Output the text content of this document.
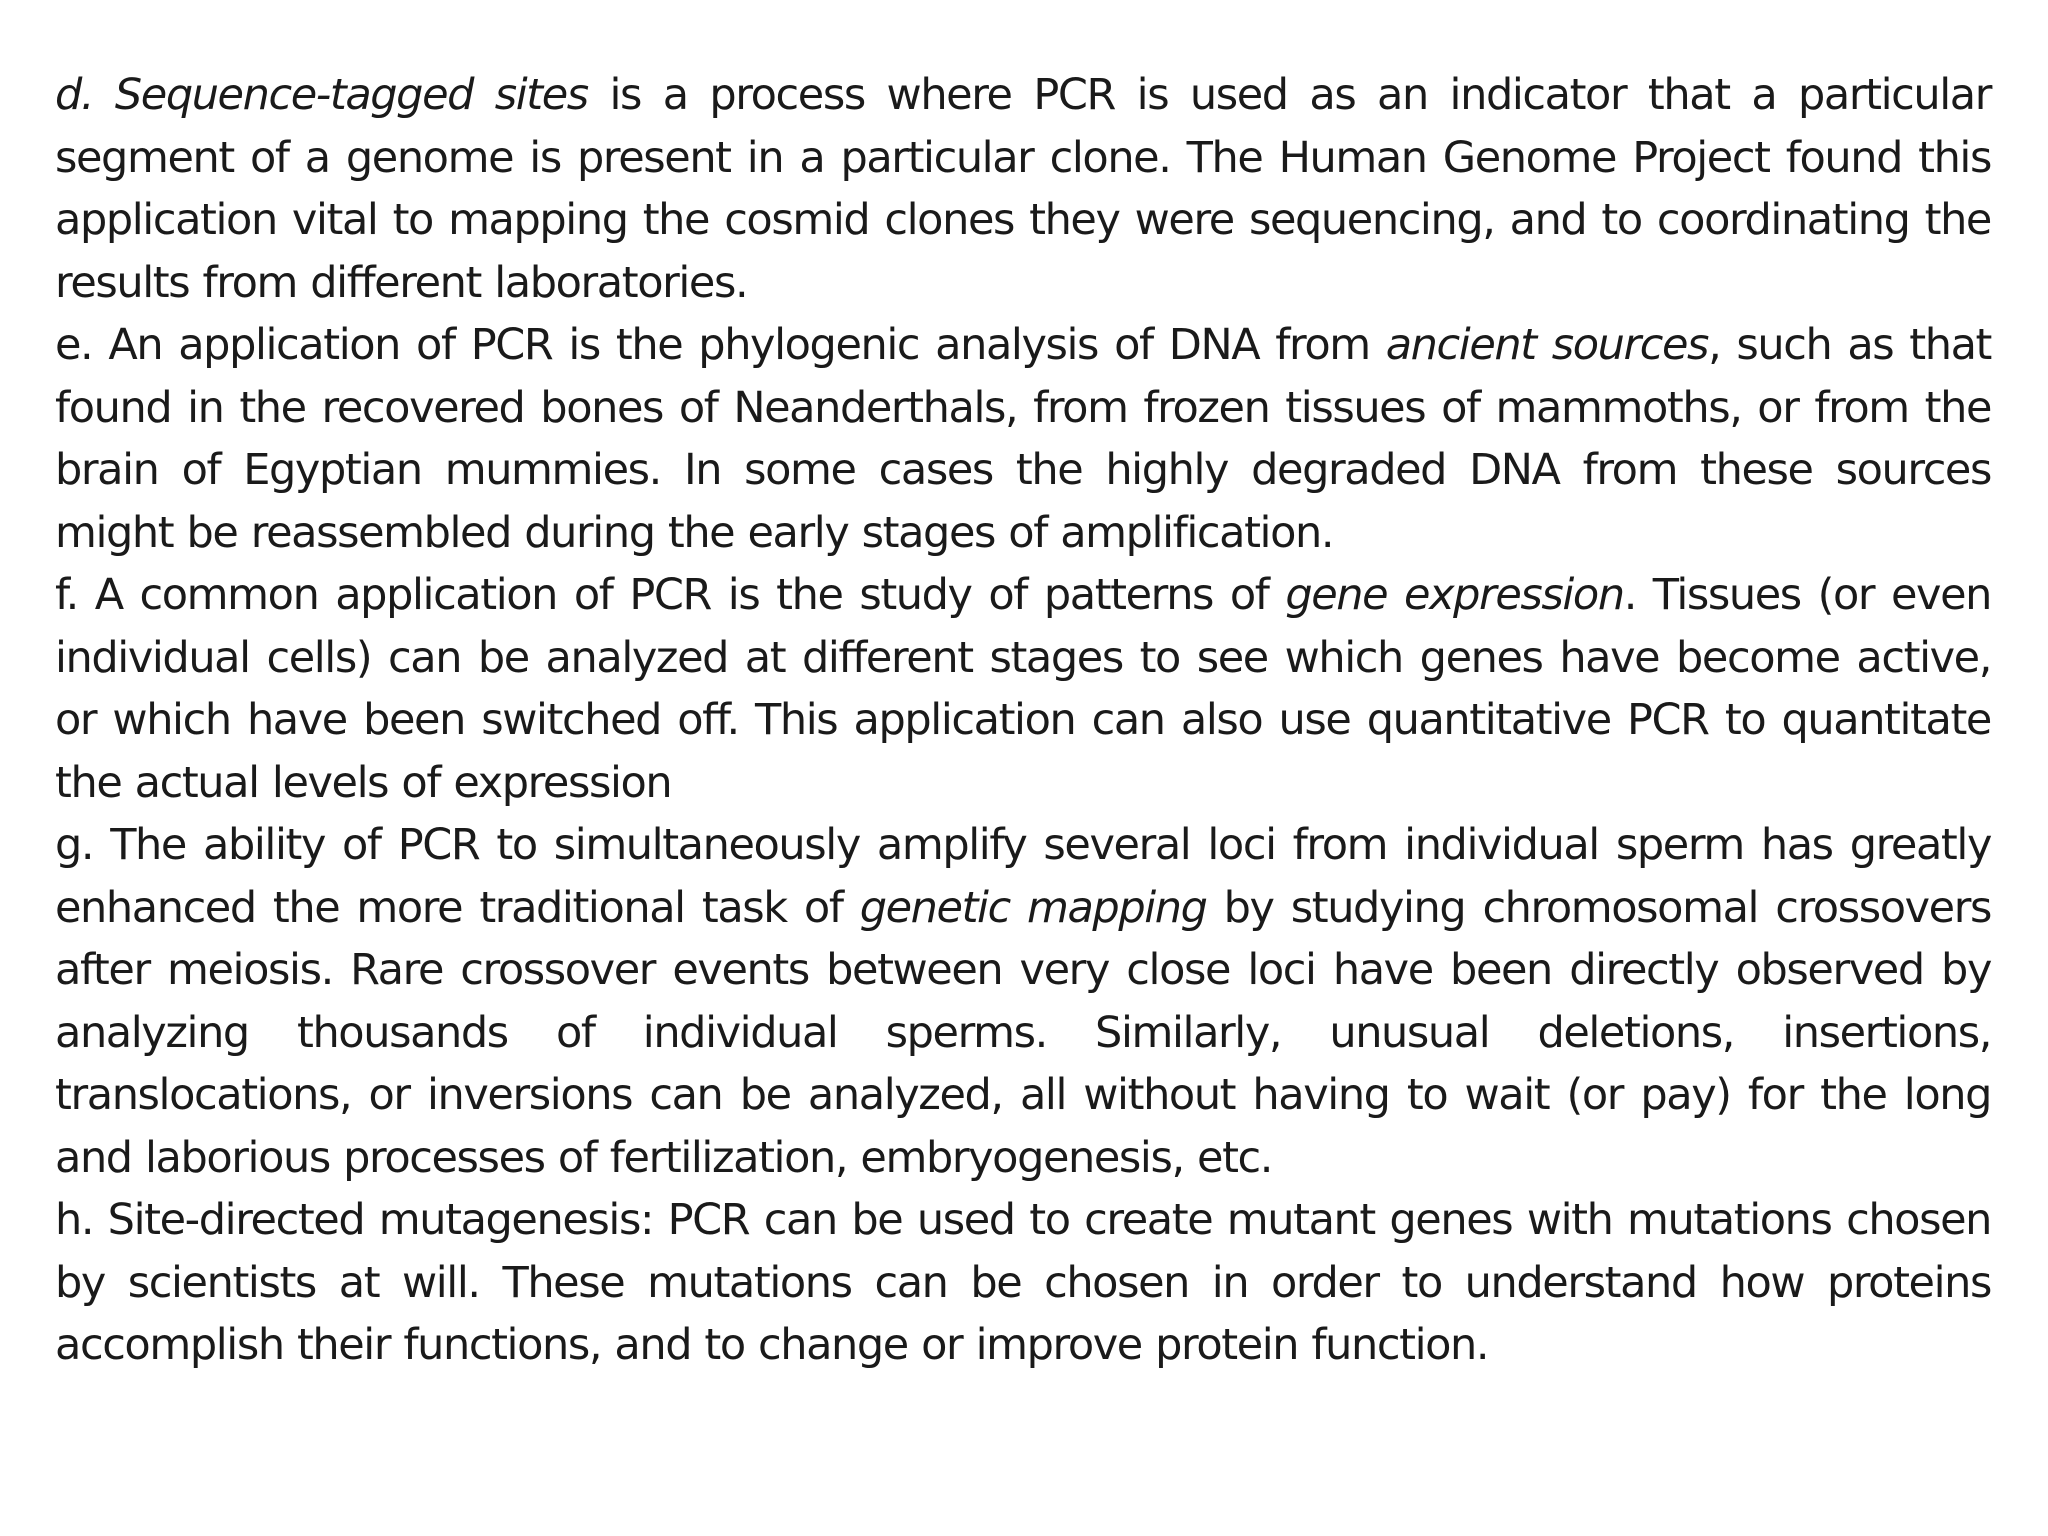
d. Sequence-tagged sites is a process where PCR is used as an indicator that a particular segment of a genome is present in a particular clone. The Human Genome Project found this application vital to mapping the cosmid clones they were sequencing, and to coordinating the results from different laboratories.

e. An application of PCR is the phylogenic analysis of DNA from ancient sources, such as that found in the recovered bones of Neanderthals, from frozen tissues of mammoths, or from the brain of Egyptian mummies. In some cases the highly degraded DNA from these sources might be reassembled during the early stages of amplification.

f. A common application of PCR is the study of patterns of gene expression. Tissues (or even individual cells) can be analyzed at different stages to see which genes have become active, or which have been switched off. This application can also use quantitative PCR to quantitate the actual levels of expression

g. The ability of PCR to simultaneously amplify several loci from individual sperm has greatly enhanced the more traditional task of genetic mapping by studying chromosomal crossovers after meiosis. Rare crossover events between very close loci have been directly observed by analyzing thousands of individual sperms. Similarly, unusual deletions, insertions, translocations, or inversions can be analyzed, all without having to wait (or pay) for the long and laborious processes of fertilization, embryogenesis, etc.

h. Site-directed mutagenesis: PCR can be used to create mutant genes with mutations chosen by scientists at will. These mutations can be chosen in order to understand how proteins accomplish their functions, and to change or improve protein function.
